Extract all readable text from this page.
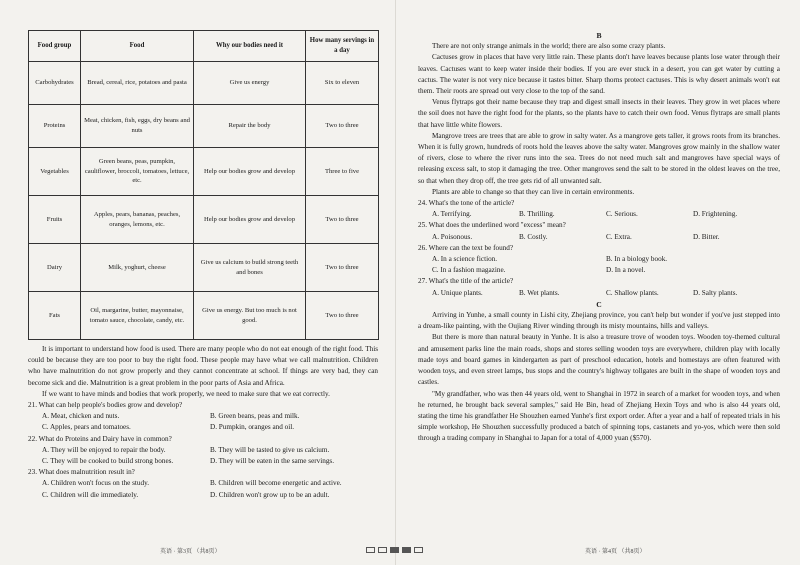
Food group	Food	Why our bodies need it	How many servings in a day
Carbohydrates	Bread, cereal, rice, potatoes and pasta	Give us energy	Six to eleven
Proteins	Meat, chicken, fish, eggs, dry beans and nuts	Repair the body	Two to three
Vegetables	Green beans, peas, pumpkin, cauliflower, broccoli, tomatoes, lettuce, etc.	Help our bodies grow and develop	Three to five
Fruits	Apples, pears, bananas, peaches, oranges, lemons, etc.	Help our bodies grow and develop	Two to three
Dairy	Milk, yoghurt, cheese	Give us calcium to build strong teeth and bones	Two to three
Fats	Oil, margarine, butter, mayonnaise, tomato sauce, chocolate, candy, etc.	Give us energy. But too much is not good.	Two to three

It is important to understand how food is used. There are many people who do not eat enough of the right food. This could be because they are too poor to buy the right food. These people may have what we call malnutrition. Children who have malnutrition do not grow properly and they cannot concentrate at school. If things are very bad, they can become sick and die. Malnutrition is a great problem in the poor parts of Asia and Africa.

If we want to have minds and bodies that work properly, we need to make sure that we eat correctly.

21. What can help people's bodies grow and develop?

A. Meat, chicken and nuts.	B. Green beans, peas and milk.
C. Apples, pears and tomatoes.	D. Pumpkin, oranges and oil.

22. What do Proteins and Dairy have in common?

A. They will be enjoyed to repair the body.	B. They will be tasted to give us calcium.
C. They will be cooked to build strong bones.	D. They will be eaten in the same servings.

23. What does malnutrition result in?

A. Children won't focus on the study.	B. Children will become energetic and active.
C. Children will die immediately.	D. Children won't grow up to be an adult.
英语 · 第3页 （共8页）

B

There are not only strange animals in the world; there are also some crazy plants.

Cactuses grow in places that have very little rain. These plants don't have leaves because plants lose water through their leaves. Cactuses want to keep water inside their bodies. If you are ever stuck in a desert, you can get water by cutting a cactus. The water is not very nice because it tastes bitter. Sharp thorns protect cactuses. This is why desert animals won't eat them. Their roots are spread out very close to the top of the sand.

Venus flytraps got their name because they trap and digest small insects in their leaves. They grow in wet places where the soil does not have the right food for the plants, so the plants have to catch their own food. Venus flytraps are small plants that have little white flowers.

Mangrove trees are trees that are able to grow in salty water. As a mangrove gets taller, it grows roots from its branches. When it is fully grown, hundreds of roots hold the leaves above the salty water. Mangroves grow mainly in the shallow water of rivers, close to where the river runs into the sea. Trees do not need much salt and mangroves have special ways of releasing excess salt, to stop it damaging the tree. Other mangroves send the salt to be stored in the oldest leaves on the tree, so that when they drop off, the tree gets rid of all unwanted salt.

Plants are able to change so that they can live in certain environments.

24. What's the tone of the article?

A. Terrifying.	B. Thrilling.	C. Serious.	D. Frightening.

25. What does the underlined word "excess" mean?

A. Poisonous.	B. Costly.	C. Extra.	D. Bitter.

26. Where can the text be found?

A. In a science fiction.	B. In a biology book.
C. In a fashion magazine.	D. In a novel.

27. What's the title of the article?

A. Unique plants.	B. Wet plants.	C. Shallow plants.	D. Salty plants.

C

Arriving in Yunhe, a small county in Lishi city, Zhejiang province, you can't help but wonder if you've just stepped into a dream-like painting, with the Oujiang River winding through its misty mountains, hills and valleys.

But there is more than natural beauty in Yunhe. It is also a treasure trove of wooden toys. Wooden toy-themed cultural and amusement parks line the main roads, shops and stores selling wooden toys are everywhere, children play with locally made toys and board games in kindergarten as part of preschool education, hotels and homestays are often featured with wooden toys, and even street lamps, bus stops and the country's highway tollgates are built in the shape of wooden toys and castles.

"My grandfather, who was then 44 years old, went to Shanghai in 1972 in search of a market for wooden toys, and when he returned, he brought back several samples," said He Bin, head of Zhejiang Hexin Toys and who is also 44 years old, stating the time his grandfather He Shouzhen earned Yunhe's first export order. After a year and a half of repeated trials in his simple workshop, He Shouzhen successfully produced a batch of spinning tops, castanets and yo-yos, which were then sold through a trading company in Shanghai to Japan for a total of 4,000 yuan ($570).

英语 · 第4页 （共8页）
